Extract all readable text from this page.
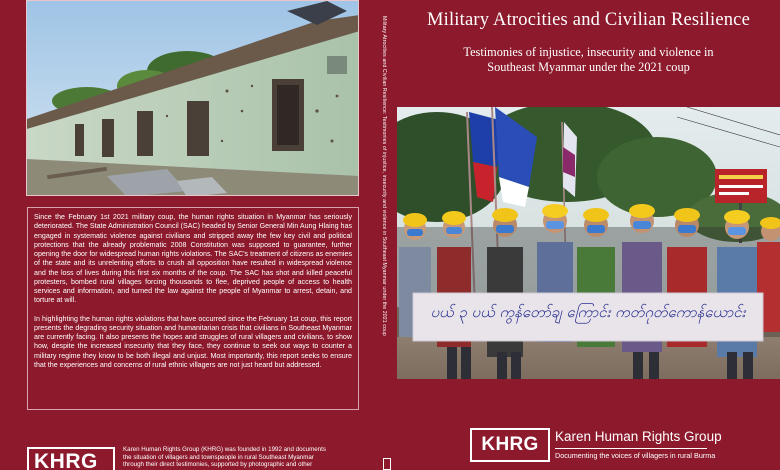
Since the February 1st 2021 military coup, the human rights situation in Myanmar has seriously deteriorated. The State Administration Council (SAC) headed by Senior General Min Aung Hlaing has engaged in systematic violence against civilians and stripped away the few key civil and political protections that the already problematic 2008 Constitution was supposed to guarantee, further opening the door for widespread human rights violations. The SAC's treatment of citizens as enemies of the state and its unrelenting efforts to crush all opposition have resulted in widespread violence and the loss of lives during this first six months of the coup. The SAC has shot and killed peaceful protesters, bombed rural villages forcing thousands to flee, deprived people of access to health services and information, and turned the law against the people of Myanmar to arrest, detain, and torture at will.

In highlighting the human rights violations that have occurred since the February 1st coup, this report presents the degrading security situation and humanitarian crisis that civilians in Southeast Myanmar are currently facing. It also presents the hopes and struggles of rural villagers and civilians, to show how, despite the increased insecurity that they face, they continue to seek out ways to counter a military regime they know to be both illegal and unjust. Most importantly, this report seeks to ensure that the experiences and concerns of rural ethnic villagers are not just heard but addressed.

KHRG
Karen Human Rights Group (KHRG) was founded in 1992 and documents
the situation of villagers and townspeople in rural Southeast Myanmar
through their direct testimonies, supported by photographic and other
Military Atrocities and Civilian Resilience: Testimonies of injustice, insecurity and violence in Southeast Myanmar under the 2021 coup	Military Atrocities and Civilian Resilience
Testimonies of injustice, insecurity and violence in
Southeast Myanmar under the 2021 coup
ပယ် ၃ ပယ် ကွန်တော်ချ ကြောင်း ကတ်ဂုတ်ကောန်ယောင်း
KHRG	Karen Human Rights Group
Documenting the voices of villagers in rural Burma
